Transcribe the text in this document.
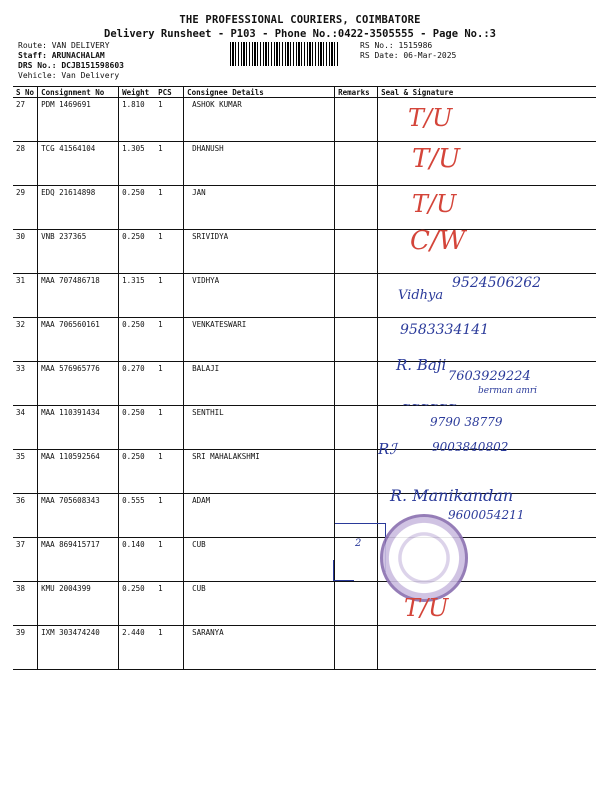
THE PROFESSIONAL COURIERS, COIMBATORE
Delivery Runsheet - P103 - Phone No.:0422-3505555 - Page No.:3
Route: VAN DELIVERY
Staff: ARUNACHALAM
DRS No.: DCJB151598603
Vehicle: Van Delivery
RS No.: 1515986
RS Date: 06-Mar-2025
S No	Consignment No	Weight	PCS	Consignee Details	Remarks	Seal & Signature
27	PDM 1469691	1.810	1	ASHOK KUMAR		
28	TCG 41564104	1.305	1	DHANUSH		
29	EDQ 21614898	0.250	1	JAN		
30	VNB 237365	0.250	1	SRIVIDYA		
31	MAA 707486718	1.315	1	VIDHYA		
32	MAA 706560161	0.250	1	VENKATESWARI		
33	MAA 576965776	0.270	1	BALAJI		
34	MAA 110391434	0.250	1	SENTHIL		
35	MAA 110592564	0.250	1	SRI MAHALAKSHMI		
36	MAA 705608343	0.555	1	ADAM		
37	MAA 869415717	0.140	1	CUB		
38	KMU 2004399	0.250	1	CUB		
39	IXM 303474240	2.440	1	SARANYA		
T/U
T/U
T/U
C/W
Vidhya
9524506262
9583334141
R. Baji
7603929224
berman amri
~~~~~~
9790 38779
Rℐ	9003840802
R. Manikandan
9600054211
2
T/U
